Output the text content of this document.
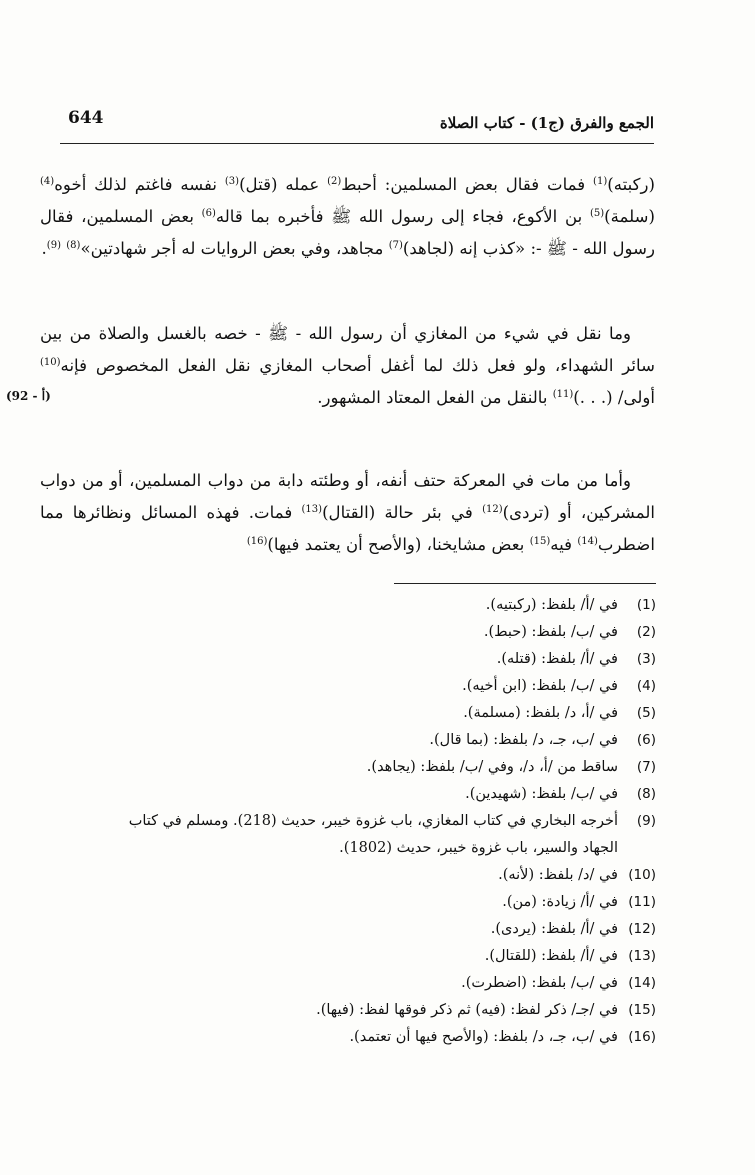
644	الجمع والفرق (ج1) - كتاب الصلاة

(ركبته)$^{(1)}$ فمات فقال بعض المسلمين: أحبط$^{(2)}$ عمله (قتل)$^{(3)}$ نفسه فاغتم لذلك أخوه$^{(4)}$ (سلمة)$^{(5)}$ بن الأكوع، فجاء إلى رسول الله ﷺ فأخبره بما قاله$^{(6)}$ بعض المسلمين، فقال رسول الله - ﷺ -: «كذب إنه (لجاهد)$^{(7)}$ مجاهد، وفي بعض الروايات له أجر شهادتين»$^{(8)}$ $^{(9)}$.

وما نقل في شيء من المغازي أن رسول الله - ﷺ - خصه بالغسل والصلاة من بين سائر الشهداء، ولو فعل ذلك لما أغفل أصحاب المغازي نقل الفعل المخصوص فإنه$^{(10)}$ أولى/ (. . .)$^{(11)}$ بالنقل من الفعل المعتاد المشهور.

(92 - أ)

وأما من مات في المعركة حتف أنفه، أو وطئته دابة من دواب المسلمين، أو من دواب المشركين، أو (تردى)$^{(12)}$ في بئر حالة (القتال)$^{(13)}$ فمات. فهذه المسائل ونظائرها مما اضطرب$^{(14)}$ فيه$^{(15)}$ بعض مشايخنا، (والأصح أن يعتمد فيها)$^{(16)}$

(1)
في /أ/ بلفظ: (ركبتيه).
(2)
في /ب/ بلفظ: (حبط).
(3)
في /أ/ بلفظ: (قتله).
(4)
في /ب/ بلفظ: (ابن أخيه).
(5)
في /أ، د/ بلفظ: (مسلمة).
(6)
في /ب، جـ، د/ بلفظ: (بما قال).
(7)
ساقط من /أ، د/، وفي /ب/ بلفظ: (يجاهد).
(8)
في /ب/ بلفظ: (شهيدين).
(9)
أخرجه البخاري في كتاب المغازي، باب غزوة خيبر، حديث (218). ومسلم في كتاب الجهاد والسير، باب غزوة خيبر، حديث (1802).
(10)
في /د/ بلفظ: (لأنه).
(11)
في /أ/ زيادة: (من).
(12)
في /أ/ بلفظ: (يردى).
(13)
في /أ/ بلفظ: (للقتال).
(14)
في /ب/ بلفظ: (اضطرت).
(15)
في /جـ/ ذكر لفظ: (فيه) ثم ذكر فوقها لفظ: (فيها).
(16)
في /ب، جـ، د/ بلفظ: (والأصح فيها أن تعتمد).
